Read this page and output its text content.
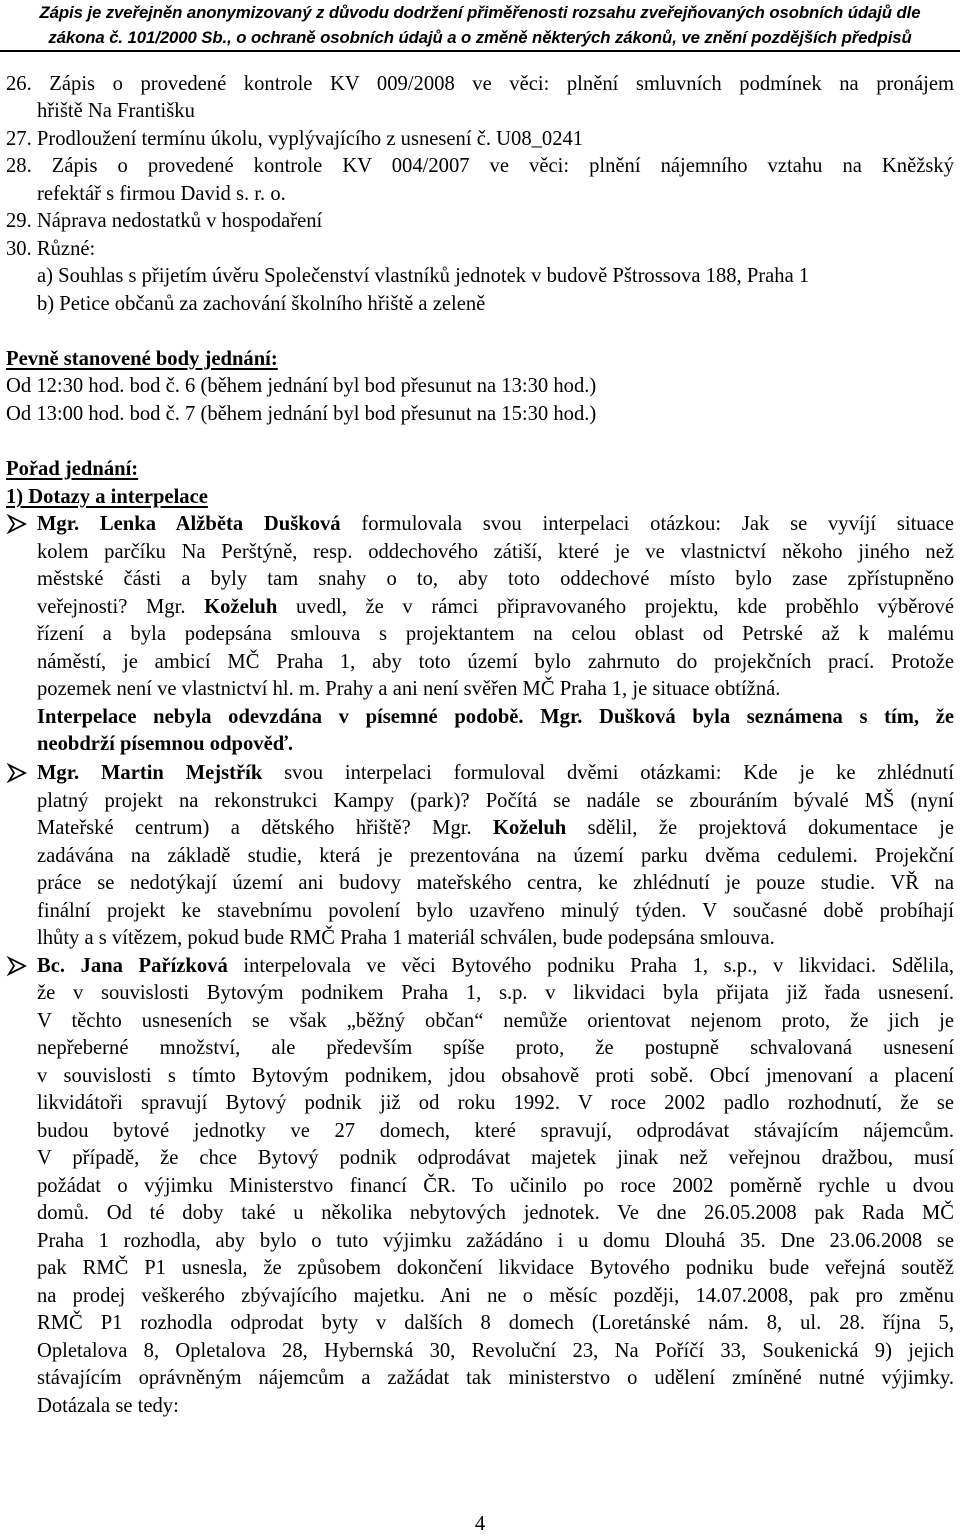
Zápis je zveřejněn anonymizovaný z důvodu dodržení přiměřenosti rozsahu zveřejňovaných osobních údajů dle
zákona č. 101/2000 Sb., o ochraně osobních údajů a o změně některých zákonů, ve znění pozdějších předpisů
26. Zápis o provedené kontrole KV 009/2008 ve věci: plnění smluvních podmínek na pronájem
hřiště Na Františku
27. Prodloužení termínu úkolu, vyplývajícího z usnesení č. U08_0241
28. Zápis o provedené kontrole KV 004/2007 ve věci: plnění nájemního vztahu na Kněžský
refektář s firmou David s. r. o.
29. Náprava nedostatků v hospodaření
30. Různé:
a) Souhlas s přijetím úvěru Společenství vlastníků jednotek v budově Pštrossova 188, Praha 1
b) Petice občanů za zachování školního hřiště a zeleně
Pevně stanovené body jednání:
Od 12:30 hod. bod č. 6 (během jednání byl bod přesunut na 13:30 hod.)
Od 13:00 hod. bod č. 7 (během jednání byl bod přesunut na 15:30 hod.)
Pořad jednání:
1) Dotazy a interpelace
Mgr. Lenka Alžběta Dušková formulovala svou interpelaci otázkou: Jak se vyvíjí situace
kolem parčíku Na Perštýně, resp. oddechového zátiší, které je ve vlastnictví někoho jiného než
městské části a byly tam snahy o to, aby toto oddechové místo bylo zase zpřístupněno
veřejnosti? Mgr. Koželuh uvedl, že v rámci připravovaného projektu, kde proběhlo výběrové
řízení a byla podepsána smlouva s projektantem na celou oblast od Petrské až k malému
náměstí, je ambicí MČ Praha 1, aby toto území bylo zahrnuto do projekčních prací. Protože
pozemek není ve vlastnictví hl. m. Prahy a ani není svěřen MČ Praha 1, je situace obtížná.
Interpelace nebyla odevzdána v písemné podobě. Mgr. Dušková byla seznámena s tím, že
neobdrží písemnou odpověď.
Mgr. Martin Mejstřík svou interpelaci formuloval dvěmi otázkami: Kde je ke zhlédnutí
platný projekt na rekonstrukci Kampy (park)? Počítá se nadále se zbouráním bývalé MŠ (nyní
Mateřské centrum) a dětského hřiště? Mgr. Koželuh sdělil, že projektová dokumentace je
zadávána na základě studie, která je prezentována na území parku dvěma cedulemi. Projekční
práce se nedotýkají území ani budovy mateřského centra, ke zhlédnutí je pouze studie. VŘ na
finální projekt ke stavebnímu povolení bylo uzavřeno minulý týden. V současné době probíhají
lhůty a s vítězem, pokud bude RMČ Praha 1 materiál schválen, bude podepsána smlouva.
Bc. Jana Pařízková interpelovala ve věci Bytového podniku Praha 1, s.p., v likvidaci. Sdělila,
že v souvislosti Bytovým podnikem Praha 1, s.p. v likvidaci byla přijata již řada usnesení.
V těchto usneseních se však „běžný občan“ nemůže orientovat nejenom proto, že jich je
nepřeberné množství, ale především spíše proto, že postupně schvalovaná usnesení
v souvislosti s tímto Bytovým podnikem, jdou obsahově proti sobě. Obcí jmenovaní a placení
likvidátoři spravují Bytový podnik již od roku 1992. V roce 2002 padlo rozhodnutí, že se
budou bytové jednotky ve 27 domech, které spravují, odprodávat stávajícím nájemcům.
V případě, že chce Bytový podnik odprodávat majetek jinak než veřejnou dražbou, musí
požádat o výjimku Ministerstvo financí ČR. To učinilo po roce 2002 poměrně rychle u dvou
domů. Od té doby také u několika nebytových jednotek. Ve dne 26.05.2008 pak Rada MČ
Praha 1 rozhodla, aby bylo o tuto výjimku zažádáno i u domu Dlouhá 35. Dne 23.06.2008 se
pak RMČ P1 usnesla, že způsobem dokončení likvidace Bytového podniku bude veřejná soutěž
na prodej veškerého zbývajícího majetku. Ani ne o měsíc později, 14.07.2008, pak pro změnu
RMČ P1 rozhodla odprodat byty v dalších 8 domech (Loretánské nám. 8, ul. 28. října 5,
Opletalova 8, Opletalova 28, Hybernská 30, Revoluční 23, Na Poříčí 33, Soukenická 9) jejich
stávajícím oprávněným nájemcům a zažádat tak ministerstvo o udělení zmíněné nutné výjimky.
Dotázala se tedy:
4
